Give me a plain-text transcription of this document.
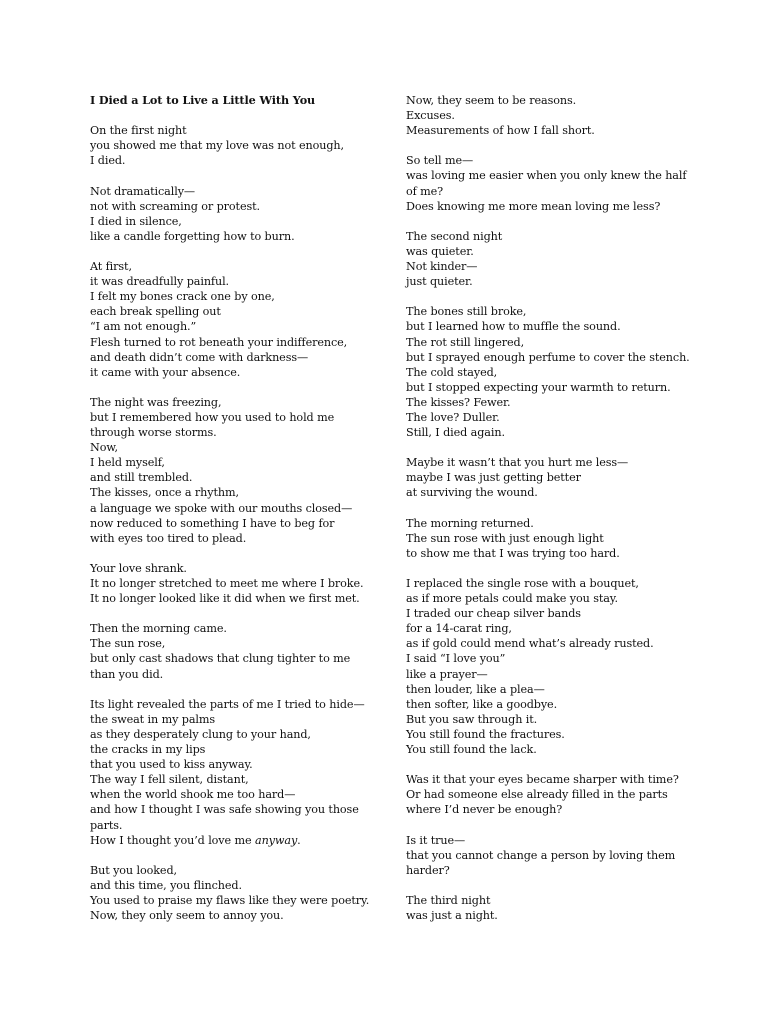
I Died a Lot to Live a Little With You
On the first night
you showed me that my love was not enough,
I died.
Not dramatically—
not with screaming or protest.
I died in silence,
like a candle forgetting how to burn.
At first,
it was dreadfully painful.
I felt my bones crack one by one,
each break spelling out
“I am not enough.”
Flesh turned to rot beneath your indifference,
and death didn’t come with darkness—
it came with your absence.
The night was freezing,
but I remembered how you used to hold me
through worse storms.
Now,
I held myself,
and still trembled.
The kisses, once a rhythm,
a language we spoke with our mouths closed—
now reduced to something I have to beg for
with eyes too tired to plead.
Your love shrank.
It no longer stretched to meet me where I broke.
It no longer looked like it did when we first met.
Then the morning came.
The sun rose,
but only cast shadows that clung tighter to me
than you did.
Its light revealed the parts of me I tried to hide—
the sweat in my palms
as they desperately clung to your hand,
the cracks in my lips
that you used to kiss anyway.
The way I fell silent, distant,
when the world shook me too hard—
and how I thought I was safe showing you those
parts.
How I thought you’d love me anyway.
But you looked,
and this time, you flinched.
You used to praise my flaws like they were poetry.
Now, they only seem to annoy you.
Now, they seem to be reasons.
Excuses.
Measurements of how I fall short.
So tell me—
was loving me easier when you only knew the half
of me?
Does knowing me more mean loving me less?
The second night
was quieter.
Not kinder—
just quieter.
The bones still broke,
but I learned how to muffle the sound.
The rot still lingered,
but I sprayed enough perfume to cover the stench.
The cold stayed,
but I stopped expecting your warmth to return.
The kisses? Fewer.
The love? Duller.
Still, I died again.
Maybe it wasn’t that you hurt me less—
maybe I was just getting better
at surviving the wound.
The morning returned.
The sun rose with just enough light
to show me that I was trying too hard.
I replaced the single rose with a bouquet,
as if more petals could make you stay.
I traded our cheap silver bands
for a 14-carat ring,
as if gold could mend what’s already rusted.
I said “I love you”
like a prayer—
then louder, like a plea—
then softer, like a goodbye.
But you saw through it.
You still found the fractures.
You still found the lack.
Was it that your eyes became sharper with time?
Or had someone else already filled in the parts
where I’d never be enough?
Is it true—
that you cannot change a person by loving them
harder?
The third night
was just a night.
